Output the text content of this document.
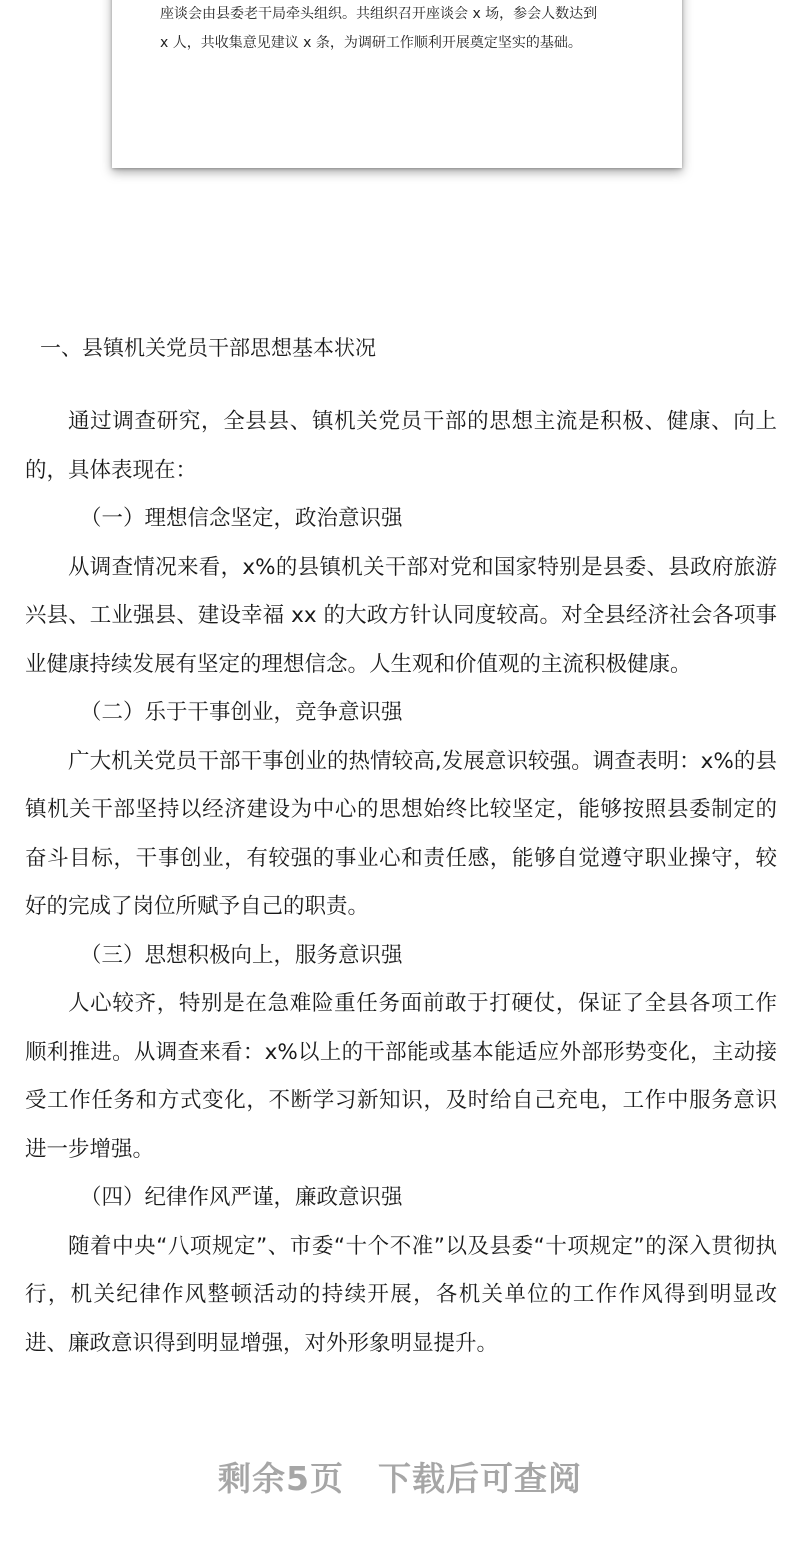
座谈会由县委老干局牵头组织。共组织召开座谈会 x 场，参会人数达到
x 人，共收集意见建议 x 条，为调研工作顺利开展奠定坚实的基础。

一、县镇机关党员干部思想基本状况

通过调查研究，全县县、镇机关党员干部的思想主流是积极、健康、向上的，具体表现在：

（一）理想信念坚定，政治意识强

从调查情况来看，x%的县镇机关干部对党和国家特别是县委、县政府旅游兴县、工业强县、建设幸福 xx 的大政方针认同度较高。对全县经济社会各项事业健康持续发展有坚定的理想信念。人生观和价值观的主流积极健康。

（二）乐于干事创业，竞争意识强

广大机关党员干部干事创业的热情较高,发展意识较强。调查表明：x%的县镇机关干部坚持以经济建设为中心的思想始终比较坚定，能够按照县委制定的奋斗目标，干事创业，有较强的事业心和责任感，能够自觉遵守职业操守，较好的完成了岗位所赋予自己的职责。

（三）思想积极向上，服务意识强

人心较齐，特别是在急难险重任务面前敢于打硬仗，保证了全县各项工作顺利推进。从调查来看：x%以上的干部能或基本能适应外部形势变化，主动接受工作任务和方式变化，不断学习新知识，及时给自己充电，工作中服务意识进一步增强。

（四）纪律作风严谨，廉政意识强

随着中央“八项规定”、市委“十个不准”以及县委“十项规定”的深入贯彻执行，机关纪律作风整顿活动的持续开展，各机关单位的工作作风得到明显改进、廉政意识得到明显增强，对外形象明显提升。

剩余5页 下载后可查阅
